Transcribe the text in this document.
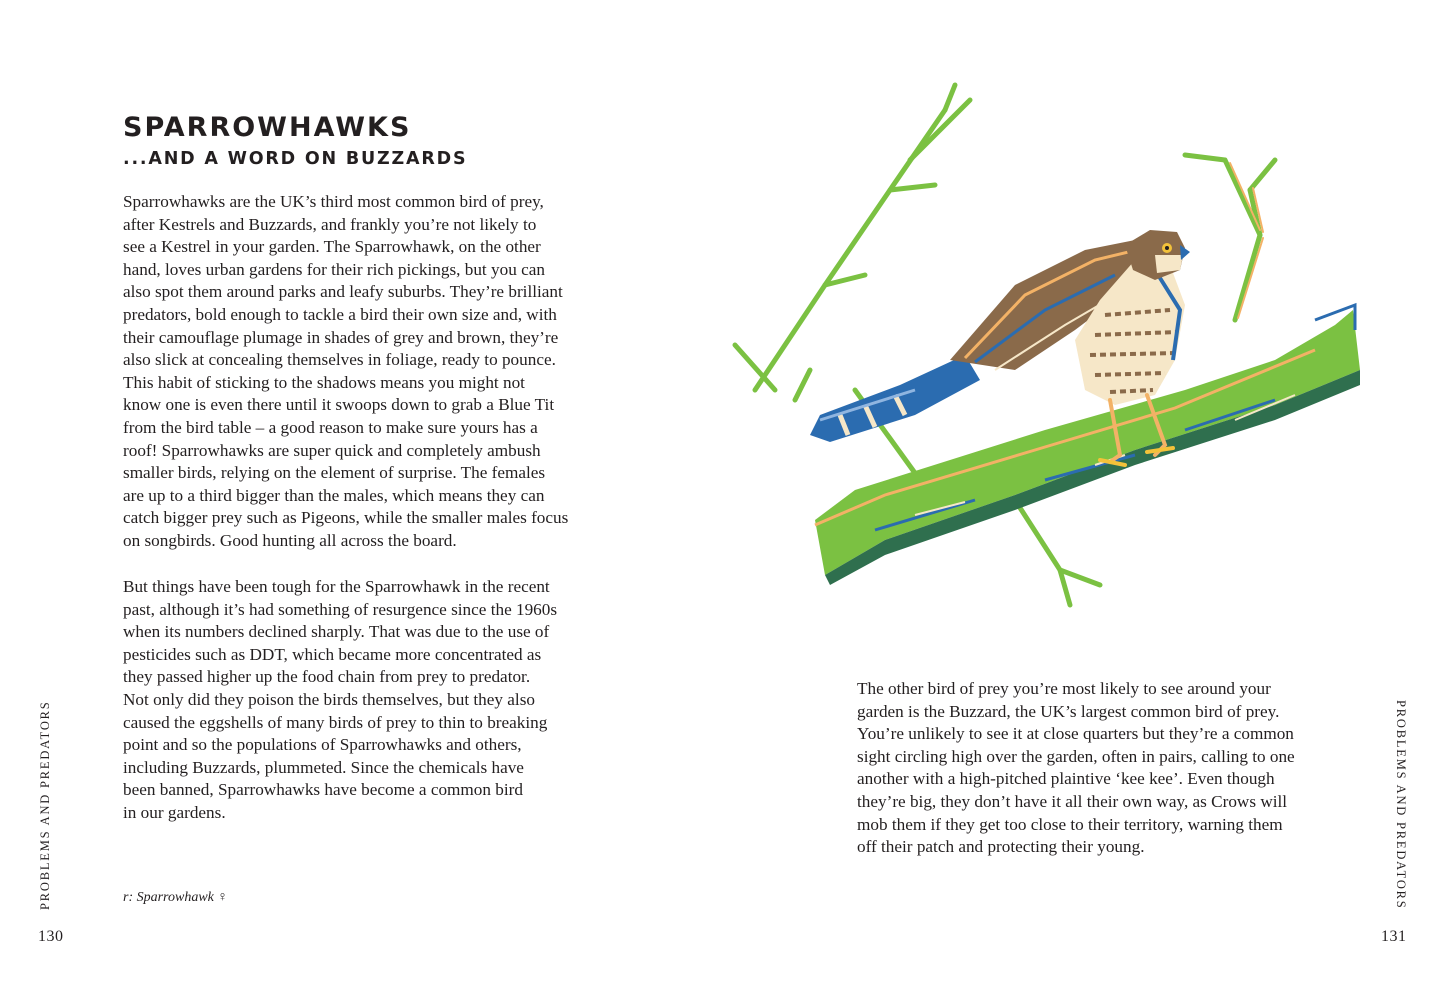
SPARROWHAWKS
...AND A WORD ON BUZZARDS
Sparrowhawks are the UK’s third most common bird of prey,
after Kestrels and Buzzards, and frankly you’re not likely to
see a Kestrel in your garden. The Sparrowhawk, on the other
hand, loves urban gardens for their rich pickings, but you can
also spot them around parks and leafy suburbs. They’re brilliant
predators, bold enough to tackle a bird their own size and, with
their camouflage plumage in shades of grey and brown, they’re
also slick at concealing themselves in foliage, ready to pounce.
This habit of sticking to the shadows means you might not
know one is even there until it swoops down to grab a Blue Tit
from the bird table – a good reason to make sure yours has a
roof! Sparrowhawks are super quick and completely ambush
smaller birds, relying on the element of surprise. The females
are up to a third bigger than the males, which means they can
catch bigger prey such as Pigeons, while the smaller males focus
on songbirds. Good hunting all across the board.
But things have been tough for the Sparrowhawk in the recent
past, although it’s had something of resurgence since the 1960s
when its numbers declined sharply. That was due to the use of
pesticides such as DDT, which became more concentrated as
they passed higher up the food chain from prey to predator.
Not only did they poison the birds themselves, but they also
caused the eggshells of many birds of prey to thin to breaking
point and so the populations of Sparrowhawks and others,
including Buzzards, plummeted. Since the chemicals have
been banned, Sparrowhawks have become a common bird
in our gardens.
r: Sparrowhawk ♀
PROBLEMS AND PREDATORS
130
The other bird of prey you’re most likely to see around your
garden is the Buzzard, the UK’s largest common bird of prey.
You’re unlikely to see it at close quarters but they’re a common
sight circling high over the garden, often in pairs, calling to one
another with a high-pitched plaintive ‘kee kee’. Even though
they’re big, they don’t have it all their own way, as Crows will
mob them if they get too close to their territory, warning them
off their patch and protecting their young.	PROBLEMS AND PREDATORS
131
